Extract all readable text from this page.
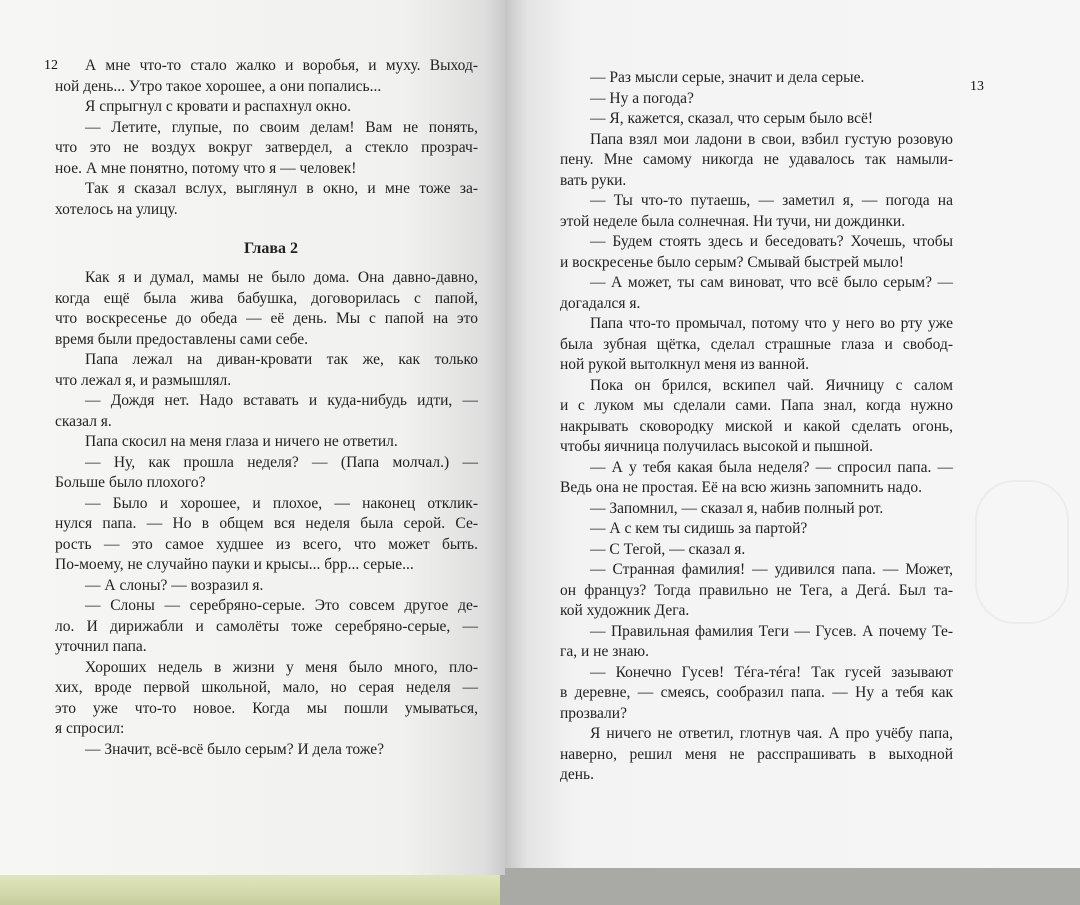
12	А мне что-то стало жалко и воробья, и муху. Выход-
ной день... Утро такое хорошее, а они попались...
Я спрыгнул с кровати и распахнул окно.
— Летите, глупые, по своим делам! Вам не понять,
что это не воздух вокруг затвердел, а стекло прозрач-
ное. А мне понятно, потому что я — человек!
Так я сказал вслух, выглянул в окно, и мне тоже за-
хотелось на улицу.
Глава 2
Как я и думал, мамы не было дома. Она давно-давно,
когда ещё была жива бабушка, договорилась с папой,
что воскресенье до обеда — её день. Мы с папой на это
время были предоставлены сами себе.
Папа лежал на диван-кровати так же, как только
что лежал я, и размышлял.
— Дождя нет. Надо вставать и куда-нибудь идти, —
сказал я.
Папа скосил на меня глаза и ничего не ответил.
— Ну, как прошла неделя? — (Папа молчал.) —
Больше было плохого?
— Было и хорошее, и плохое, — наконец отклик-
нулся папа. — Но в общем вся неделя была серой. Се-
рость — это самое худшее из всего, что может быть.
По-моему, не случайно пауки и крысы... брр... серые...
— А слоны? — возразил я.
— Слоны — серебряно-серые. Это совсем другое де-
ло. И дирижабли и самолёты тоже серебряно-серые, —
уточнил папа.
Хороших недель в жизни у меня было много, пло-
хих, вроде первой школьной, мало, но серая неделя —
это уже что-то новое. Когда мы пошли умываться,
я спросил:
— Значит, всё-всё было серым? И дела тоже?
13
— Раз мысли серые, значит и дела серые.
— Ну а погода?
— Я, кажется, сказал, что серым было всё!
Папа взял мои ладони в свои, взбил густую розовую
пену. Мне самому никогда не удавалось так намыли-
вать руки.
— Ты что-то путаешь, — заметил я, — погода на
этой неделе была солнечная. Ни тучи, ни дождинки.
— Будем стоять здесь и беседовать? Хочешь, чтобы
и воскресенье было серым? Смывай быстрей мыло!
— А может, ты сам виноват, что всё было серым? —
догадался я.
Папа что-то промычал, потому что у него во рту уже
была зубная щётка, сделал страшные глаза и свобод-
ной рукой вытолкнул меня из ванной.
Пока он брился, вскипел чай. Яичницу с салом
и с луком мы сделали сами. Папа знал, когда нужно
накрывать сковородку миской и какой сделать огонь,
чтобы яичница получилась высокой и пышной.
— А у тебя какая была неделя? — спросил папа. —
Ведь она не простая. Её на всю жизнь запомнить надо.
— Запомнил, — сказал я, набив полный рот.
— А с кем ты сидишь за партой?
— С Тегой, — сказал я.
— Странная фамилия! — удивился папа. — Может,
он француз? Тогда правильно не Тега, а Дегá. Был та-
кой художник Дега.
— Правильная фамилия Теги — Гусев. А почему Те-
га, и не знаю.
— Конечно Гусев! Тéга-тéга! Так гусей зазывают
в деревне, — смеясь, сообразил папа. — Ну а тебя как
прозвали?
Я ничего не ответил, глотнув чая. А про учёбу папа,
наверно, решил меня не расспрашивать в выходной
день.
